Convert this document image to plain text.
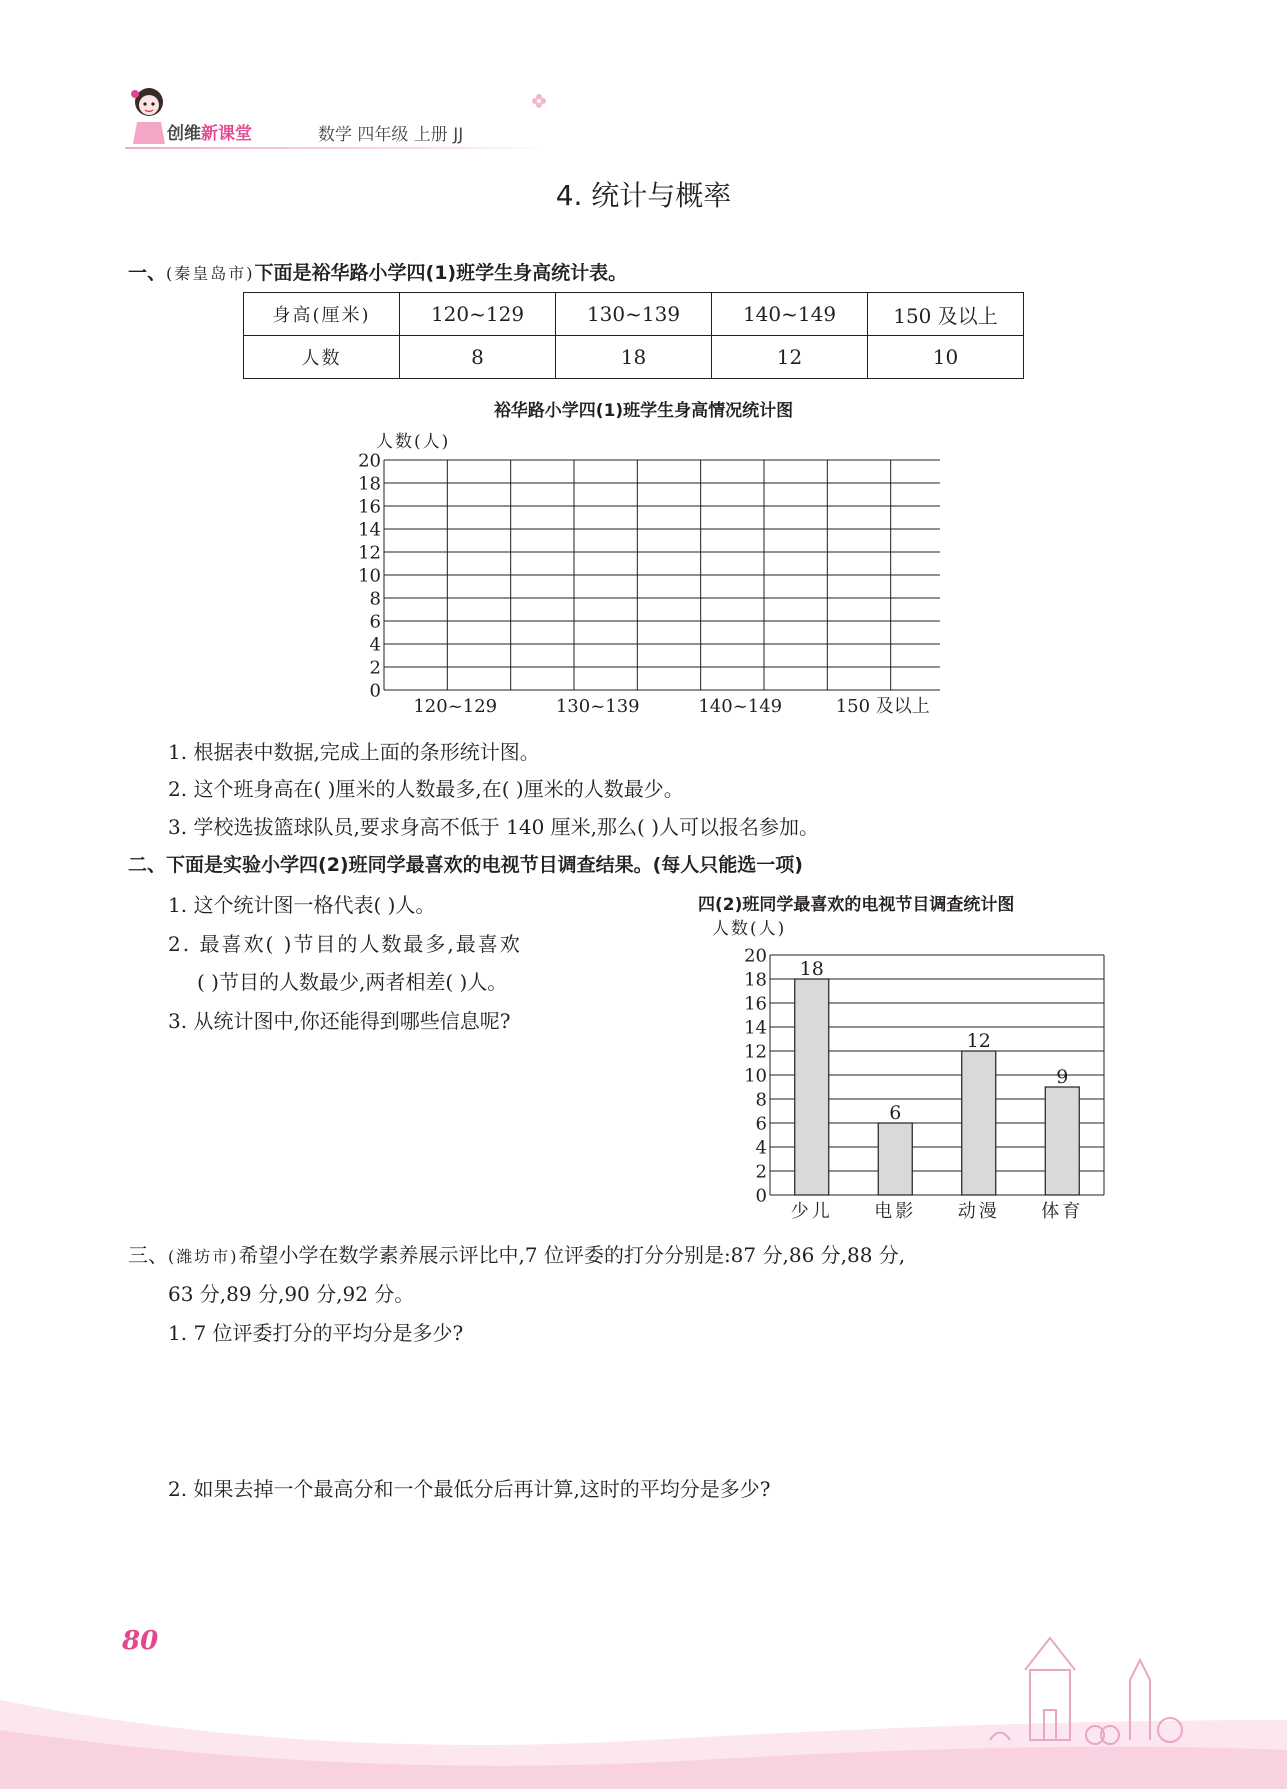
创维新课堂	数学 四年级 上册 JJ
4. 统计与概率
一、(秦皇岛市)下面是裕华路小学四(1)班学生身高统计表。
身高(厘米)	120~129	130~139	140~149	150 及以上
人数	8	18	12	10
裕华路小学四(1)班学生身高情况统计图
0
2
4
6
8
10
12
14
16
18
20
人数(人)
120~129	130~139	140~149	150 及以上
1. 根据表中数据,完成上面的条形统计图。
2. 这个班身高在( )厘米的人数最多,在( )厘米的人数最少。
3. 学校选拔篮球队员,要求身高不低于 140 厘米,那么( )人可以报名参加。
二、下面是实验小学四(2)班同学最喜欢的电视节目调查结果。(每人只能选一项)
1. 这个统计图一格代表( )人。
2. 最喜欢( )节目的人数最多,最喜欢
( )节目的人数最少,两者相差( )人。
3. 从统计图中,你还能得到哪些信息呢?
四(2)班同学最喜欢的电视节目调查统计图
0
2
4
6
8
10
12
14
16
18
20
人数(人)
少儿
18
电影
6
动漫
12
体育
9
三、(潍坊市)希望小学在数学素养展示评比中,7 位评委的打分分别是:87 分,86 分,88 分,
63 分,89 分,90 分,92 分。
1. 7 位评委打分的平均分是多少?
2. 如果去掉一个最高分和一个最低分后再计算,这时的平均分是多少?
80
